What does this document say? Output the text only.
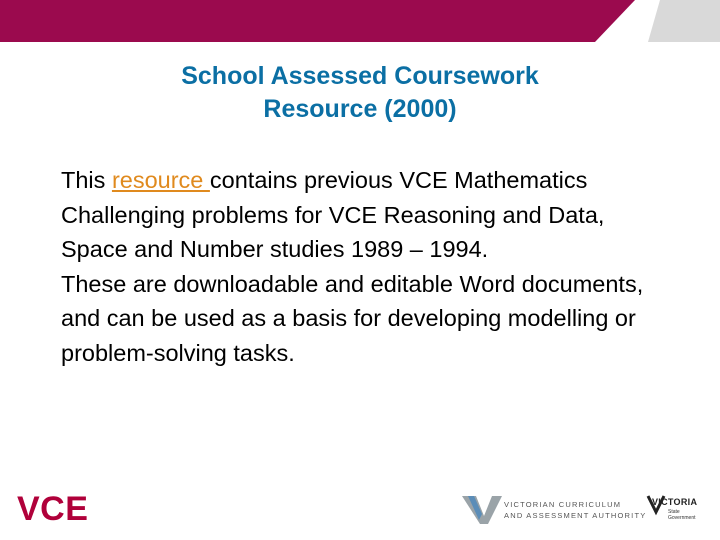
School Assessed Coursework
Resource (2000)

This resource contains previous VCE Mathematics Challenging problems for VCE Reasoning and Data, Space and Number studies 1989 – 1994.

These are downloadable and editable Word documents, and can be used as a basis for developing modelling or problem-solving tasks.

VCE	VICTORIAN CURRICULUM
AND ASSESSMENT AUTHORITY
VICTORIA
State
Government
